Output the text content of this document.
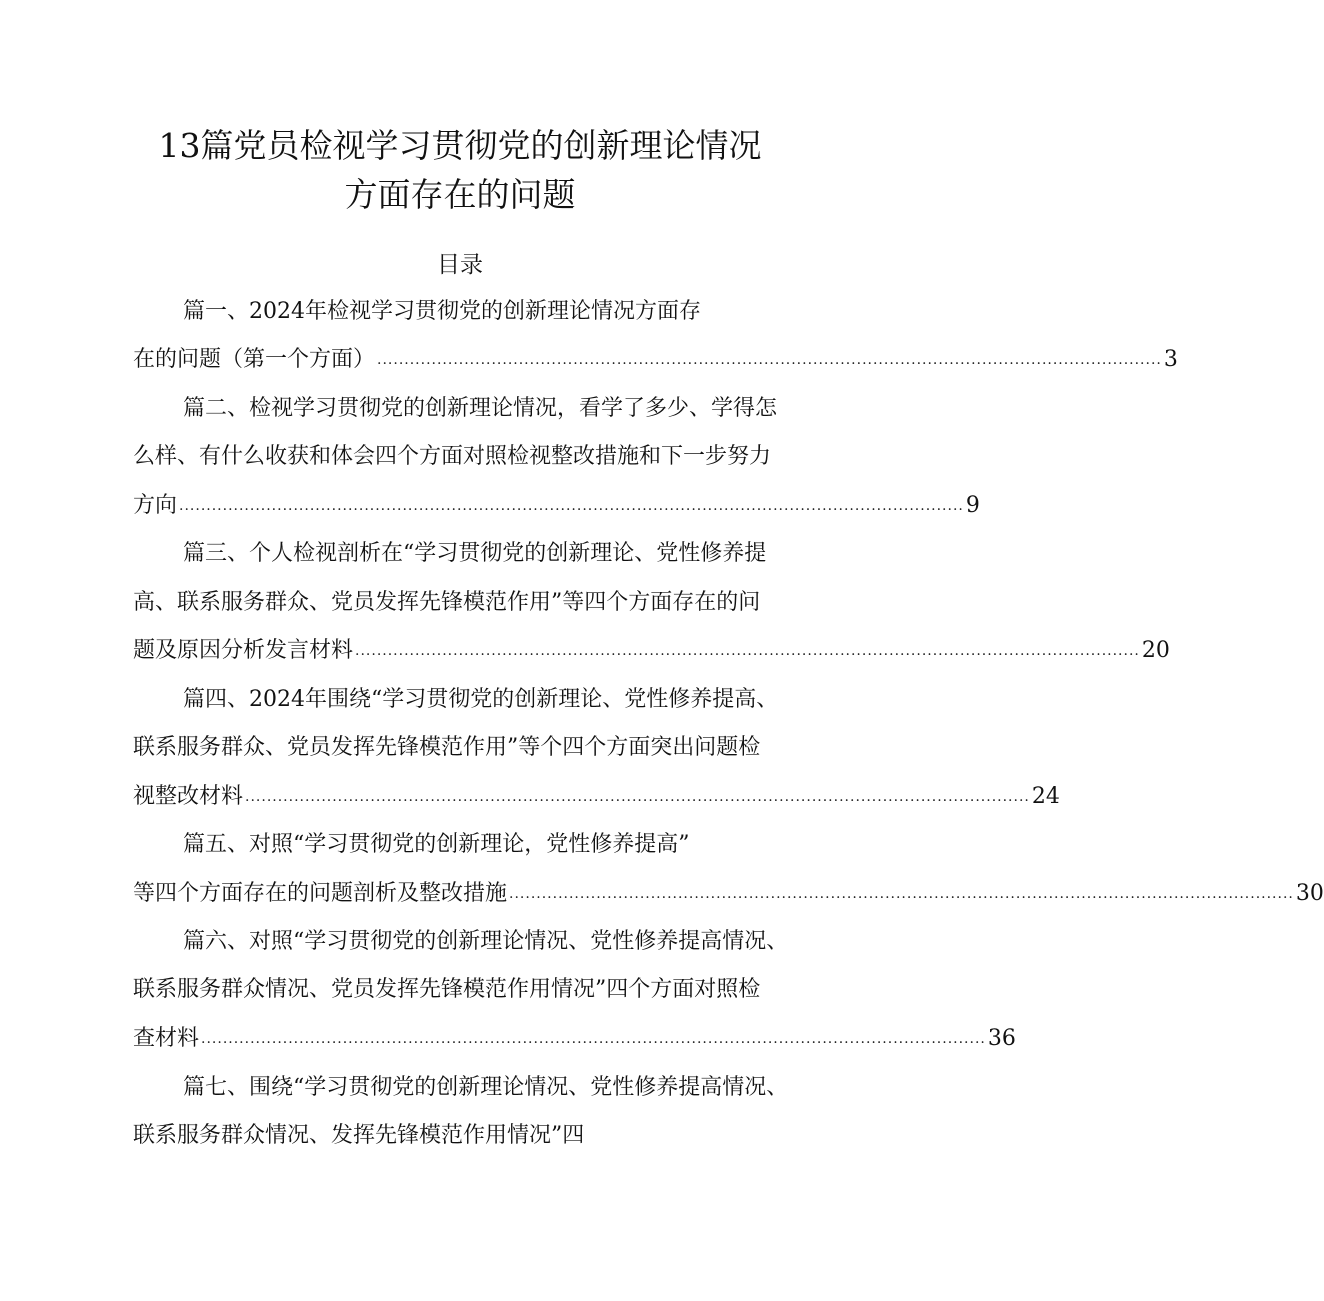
13篇党员检视学习贯彻党的创新理论情况
方面存在的问题
目录
篇一、2024年检视学习贯彻党的创新理论情况方面存
在的问题（第一个方面） ................................................................................................................................................ 3
篇二、检视学习贯彻党的创新理论情况，看学了多少、学得怎
么样、有什么收获和体会四个方面对照检视整改措施和下一步努力
方向 ................................................................................................................................................ 9
篇三、个人检视剖析在“学习贯彻党的创新理论、党性修养提
高、联系服务群众、党员发挥先锋模范作用”等四个方面存在的问
题及原因分析发言材料 ................................................................................................................................................ 20
篇四、2024年围绕“学习贯彻党的创新理论、党性修养提高、
联系服务群众、党员发挥先锋模范作用”等个四个方面突出问题检
视整改材料 ................................................................................................................................................ 24
篇五、对照“学习贯彻党的创新理论，党性修养提高”
等四个方面存在的问题剖析及整改措施 ................................................................................................................................................ 30
篇六、对照“学习贯彻党的创新理论情况、党性修养提高情况、
联系服务群众情况、党员发挥先锋模范作用情况”四个方面对照检
查材料 ................................................................................................................................................ 36
篇七、围绕“学习贯彻党的创新理论情况、党性修养提高情况、
联系服务群众情况、发挥先锋模范作用情况”四
